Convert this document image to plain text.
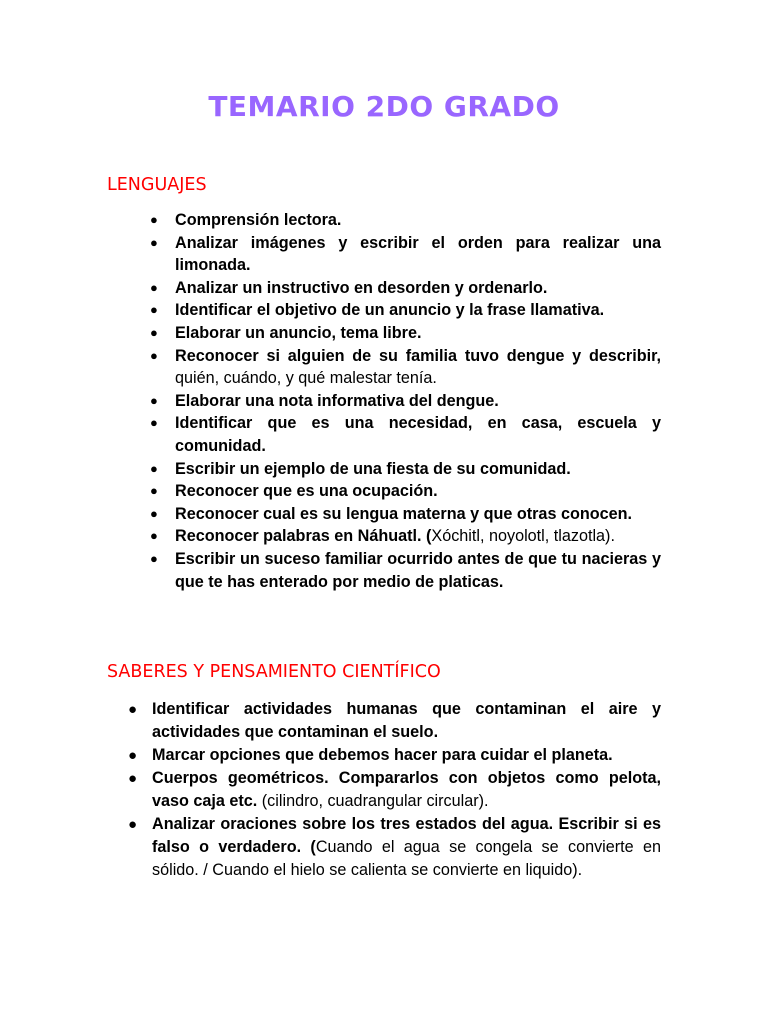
TEMARIO 2DO GRADO
LENGUAJES
● Comprensión lectora.
● Analizar imágenes y escribir el orden para realizar una limonada.
● Analizar un instructivo en desorden y ordenarlo.
● Identificar el objetivo de un anuncio y la frase llamativa.
● Elaborar un anuncio, tema libre.
● Reconocer si alguien de su familia tuvo dengue y describir, quién, cuándo, y qué malestar tenía.
● Elaborar una nota informativa del dengue.
● Identificar que es una necesidad, en casa, escuela y comunidad.
● Escribir un ejemplo de una fiesta de su comunidad.
● Reconocer que es una ocupación.
● Reconocer cual es su lengua materna y que otras conocen.
● Reconocer palabras en Náhuatl. (Xóchitl, noyolotl, tlazotla).
● Escribir un suceso familiar ocurrido antes de que tu nacieras y que te has enterado por medio de platicas.
SABERES Y PENSAMIENTO CIENTÍFICO
● Identificar actividades humanas que contaminan el aire y actividades que contaminan el suelo.
● Marcar opciones que debemos hacer para cuidar el planeta.
● Cuerpos geométricos. Compararlos con objetos como pelota, vaso caja etc. (cilindro, cuadrangular circular).
● Analizar oraciones sobre los tres estados del agua. Escribir si es falso o verdadero. (Cuando el agua se congela se convierte en sólido. / Cuando el hielo se calienta se convierte en liquido).
